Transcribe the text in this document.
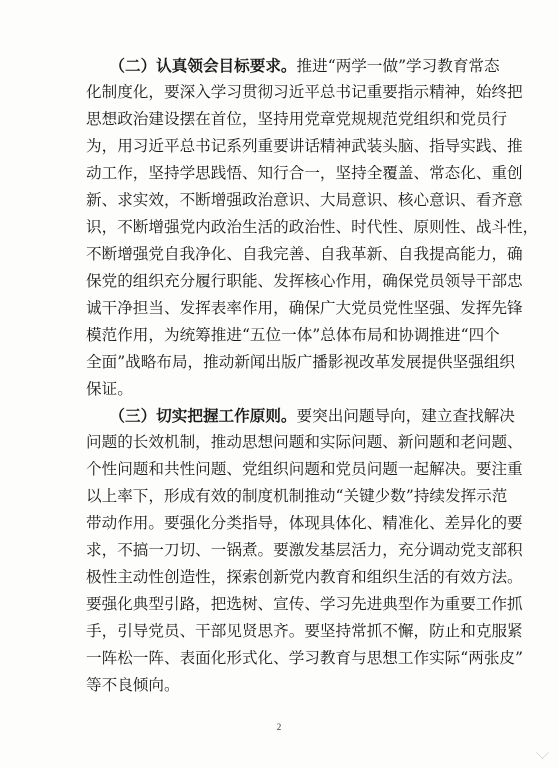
　　（二）认真领会目标要求。推进“两学一做”学习教育常态
化制度化，要深入学习贯彻习近平总书记重要指示精神，始终把
思想政治建设摆在首位，坚持用党章党规规范党组织和党员行
为，用习近平总书记系列重要讲话精神武装头脑、指导实践、推
动工作，坚持学思践悟、知行合一，坚持全覆盖、常态化、重创
新、求实效，不断增强政治意识、大局意识、核心意识、看齐意
识，不断增强党内政治生活的政治性、时代性、原则性、战斗性，
不断增强党自我净化、自我完善、自我革新、自我提高能力，确
保党的组织充分履行职能、发挥核心作用，确保党员领导干部忠
诚干净担当、发挥表率作用，确保广大党员党性坚强、发挥先锋
模范作用，为统筹推进“五位一体”总体布局和协调推进“四个
全面”战略布局，推动新闻出版广播影视改革发展提供坚强组织
保证。
　　（三）切实把握工作原则。要突出问题导向，建立查找解决
问题的长效机制，推动思想问题和实际问题、新问题和老问题、
个性问题和共性问题、党组织问题和党员问题一起解决。要注重
以上率下，形成有效的制度机制推动“关键少数”持续发挥示范
带动作用。要强化分类指导，体现具体化、精准化、差异化的要
求，不搞一刀切、一锅煮。要激发基层活力，充分调动党支部积
极性主动性创造性，探索创新党内教育和组织生活的有效方法。
要强化典型引路，把选树、宣传、学习先进典型作为重要工作抓
手，引导党员、干部见贤思齐。要坚持常抓不懈，防止和克服紧
一阵松一阵、表面化形式化、学习教育与思想工作实际“两张皮”
等不良倾向。
2
